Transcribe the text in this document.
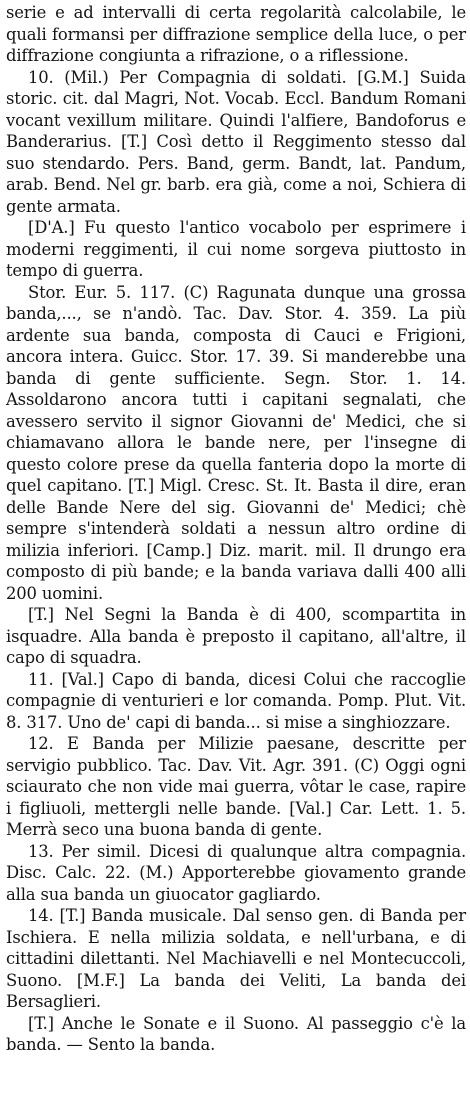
serie e ad intervalli di certa regolarità calcolabile, le quali formansi per diffrazione semplice della luce, o per diffrazione congiunta a rifrazione, o a riflessione.

10. (Mil.) Per Compagnia di soldati. [G.M.] Suida storic. cit. dal Magri, Not. Vocab. Eccl. Bandum Romani vocant vexillum militare. Quindi l'alfiere, Bandoforus e Banderarius. [T.] Così detto il Reggimento stesso dal suo stendardo. Pers. Band, germ. Bandt, lat. Pandum, arab. Bend. Nel gr. barb. era già, come a noi, Schiera di gente armata.

[D'A.] Fu questo l'antico vocabolo per esprimere i moderni reggimenti, il cui nome sorgeva piuttosto in tempo di guerra.

Stor. Eur. 5. 117. (C) Ragunata dunque una grossa banda,..., se n'andò. Tac. Dav. Stor. 4. 359. La più ardente sua banda, composta di Cauci e Frigioni, ancora intera. Guicc. Stor. 17. 39. Si manderebbe una banda di gente sufficiente. Segn. Stor. 1. 14. Assoldarono ancora tutti i capitani segnalati, che avessero servito il signor Giovanni de' Medici, che si chiamavano allora le bande nere, per l'insegne di questo colore prese da quella fanteria dopo la morte di quel capitano. [T.] Migl. Cresc. St. It. Basta il dire, eran delle Bande Nere del sig. Giovanni de' Medici; chè sempre s'intenderà soldati a nessun altro ordine di milizia inferiori. [Camp.] Diz. marit. mil. Il drungo era composto di più bande; e la banda variava dalli 400 alli 200 uomini.

[T.] Nel Segni la Banda è di 400, scompartita in isquadre. Alla banda è preposto il capitano, all'altre, il capo di squadra.

11. [Val.] Capo di banda, dicesi Colui che raccoglie compagnie di venturieri e lor comanda. Pomp. Plut. Vit. 8. 317. Uno de' capi di banda... si mise a singhiozzare.

12. E Banda per Milizie paesane, descritte per servigio pubblico. Tac. Dav. Vit. Agr. 391. (C) Oggi ogni sciaurato che non vide mai guerra, vôtar le case, rapire i figliuoli, mettergli nelle bande. [Val.] Car. Lett. 1. 5. Merrà seco una buona banda di gente.

13. Per simil. Dicesi di qualunque altra compagnia. Disc. Calc. 22. (M.) Apporterebbe giovamento grande alla sua banda un giuocator gagliardo.

14. [T.] Banda musicale. Dal senso gen. di Banda per Ischiera. E nella milizia soldata, e nell'urbana, e di cittadini dilettanti. Nel Machiavelli e nel Montecuccoli, Suono. [M.F.] La banda dei Veliti, La banda dei Bersaglieri.

[T.] Anche le Sonate e il Suono. Al passeggio c'è la banda. — Sento la banda.
